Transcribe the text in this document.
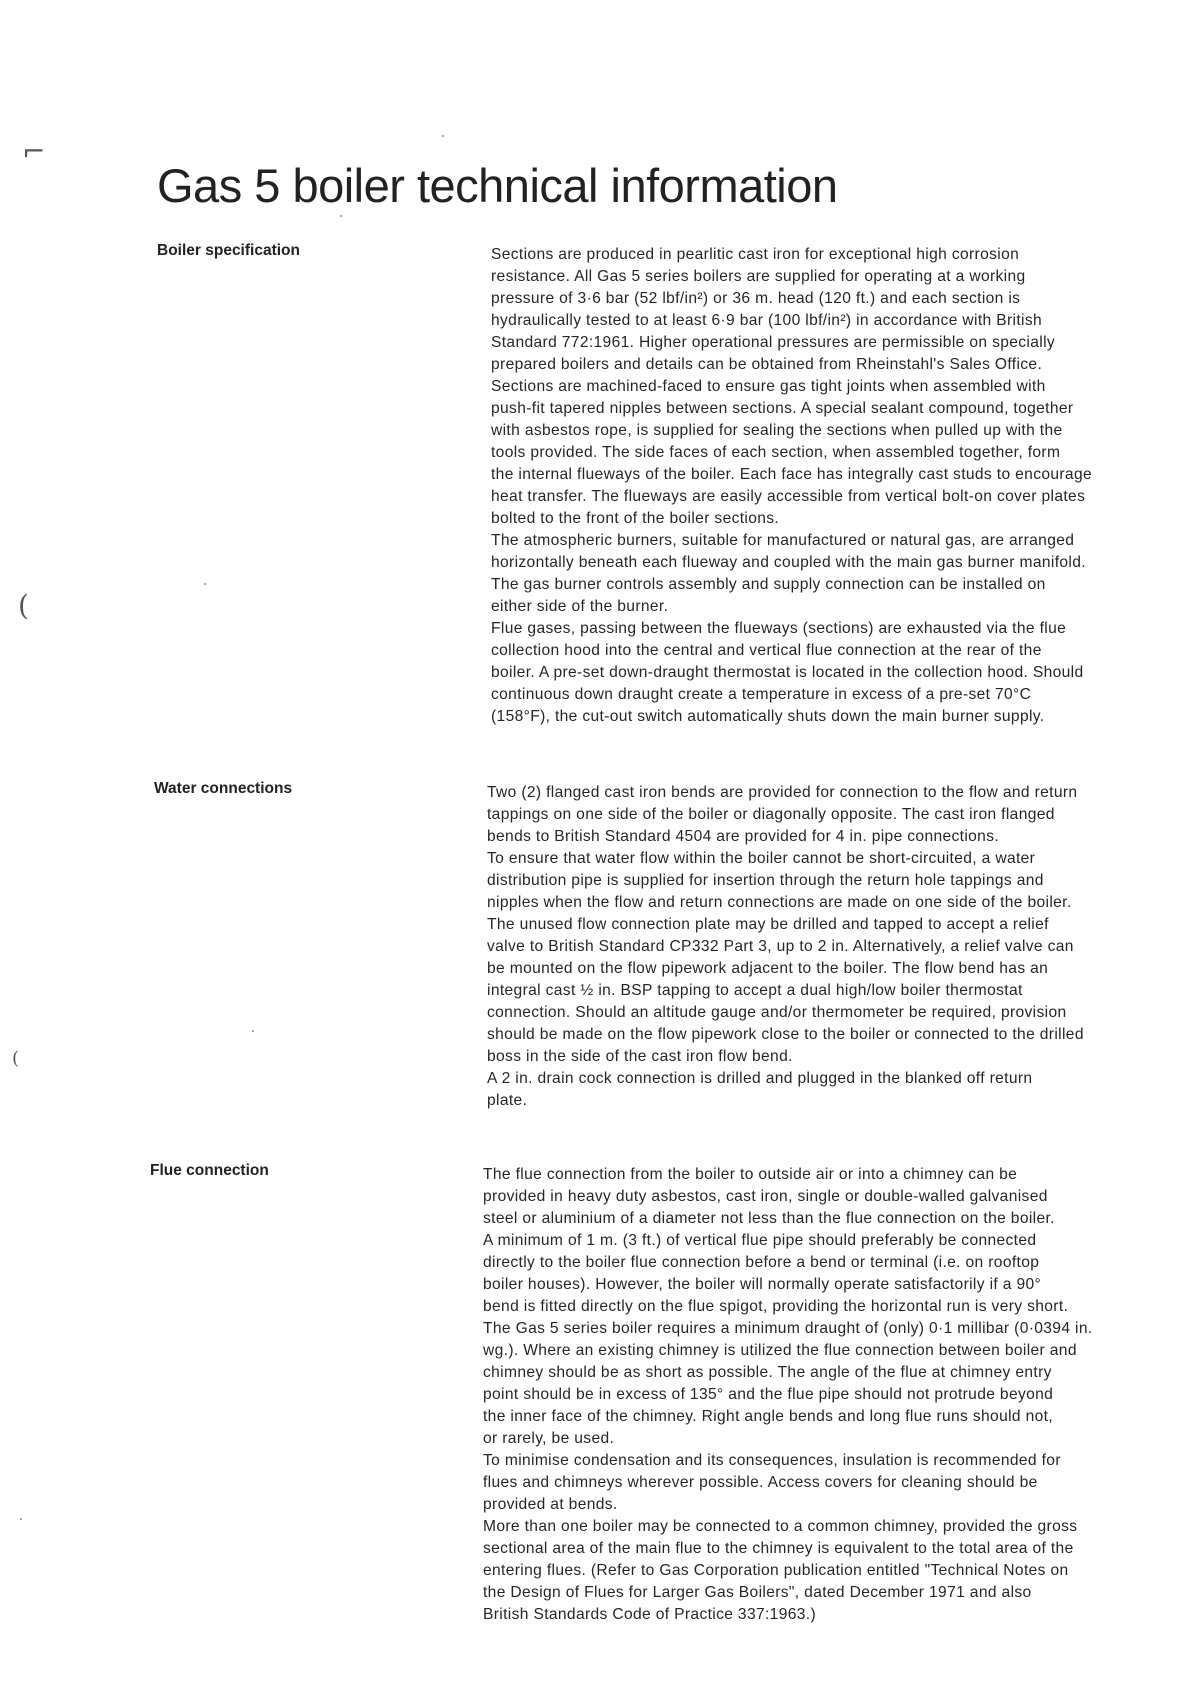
⌐
(
(
Gas 5 boiler technical information
Boiler specification	Sections are produced in pearlitic cast iron for exceptional high corrosion
resistance. All Gas 5 series boilers are supplied for operating at a working
pressure of 3·6 bar (52 lbf/in²) or 36 m. head (120 ft.) and each section is
hydraulically tested to at least 6·9 bar (100 lbf/in²) in accordance with British
Standard 772:1961. Higher operational pressures are permissible on specially
prepared boilers and details can be obtained from Rheinstahl's Sales Office.
Sections are machined-faced to ensure gas tight joints when assembled with
push-fit tapered nipples between sections. A special sealant compound, together
with asbestos rope, is supplied for sealing the sections when pulled up with the
tools provided. The side faces of each section, when assembled together, form
the internal flueways of the boiler. Each face has integrally cast studs to encourage
heat transfer. The flueways are easily accessible from vertical bolt-on cover plates
bolted to the front of the boiler sections.
The atmospheric burners, suitable for manufactured or natural gas, are arranged
horizontally beneath each flueway and coupled with the main gas burner manifold.
The gas burner controls assembly and supply connection can be installed on
either side of the burner.
Flue gases, passing between the flueways (sections) are exhausted via the flue
collection hood into the central and vertical flue connection at the rear of the
boiler. A pre-set down-draught thermostat is located in the collection hood. Should
continuous down draught create a temperature in excess of a pre-set 70°C
(158°F), the cut-out switch automatically shuts down the main burner supply.
Water connections	Two (2) flanged cast iron bends are provided for connection to the flow and return
tappings on one side of the boiler or diagonally opposite. The cast iron flanged
bends to British Standard 4504 are provided for 4 in. pipe connections.
To ensure that water flow within the boiler cannot be short-circuited, a water
distribution pipe is supplied for insertion through the return hole tappings and
nipples when the flow and return connections are made on one side of the boiler.
The unused flow connection plate may be drilled and tapped to accept a relief
valve to British Standard CP332 Part 3, up to 2 in. Alternatively, a relief valve can
be mounted on the flow pipework adjacent to the boiler. The flow bend has an
integral cast ½ in. BSP tapping to accept a dual high/low boiler thermostat
connection. Should an altitude gauge and/or thermometer be required, provision
should be made on the flow pipework close to the boiler or connected to the drilled
boss in the side of the cast iron flow bend.
A 2 in. drain cock connection is drilled and plugged in the blanked off return
plate.
Flue connection	The flue connection from the boiler to outside air or into a chimney can be
provided in heavy duty asbestos, cast iron, single or double-walled galvanised
steel or aluminium of a diameter not less than the flue connection on the boiler.
A minimum of 1 m. (3 ft.) of vertical flue pipe should preferably be connected
directly to the boiler flue connection before a bend or terminal (i.e. on rooftop
boiler houses). However, the boiler will normally operate satisfactorily if a 90°
bend is fitted directly on the flue spigot, providing the horizontal run is very short.
The Gas 5 series boiler requires a minimum draught of (only) 0·1 millibar (0·0394 in.
wg.). Where an existing chimney is utilized the flue connection between boiler and
chimney should be as short as possible. The angle of the flue at chimney entry
point should be in excess of 135° and the flue pipe should not protrude beyond
the inner face of the chimney. Right angle bends and long flue runs should not,
or rarely, be used.
To minimise condensation and its consequences, insulation is recommended for
flues and chimneys wherever possible. Access covers for cleaning should be
provided at bends.
More than one boiler may be connected to a common chimney, provided the gross
sectional area of the main flue to the chimney is equivalent to the total area of the
entering flues. (Refer to Gas Corporation publication entitled "Technical Notes on
the Design of Flues for Larger Gas Boilers", dated December 1971 and also
British Standards Code of Practice 337:1963.)
